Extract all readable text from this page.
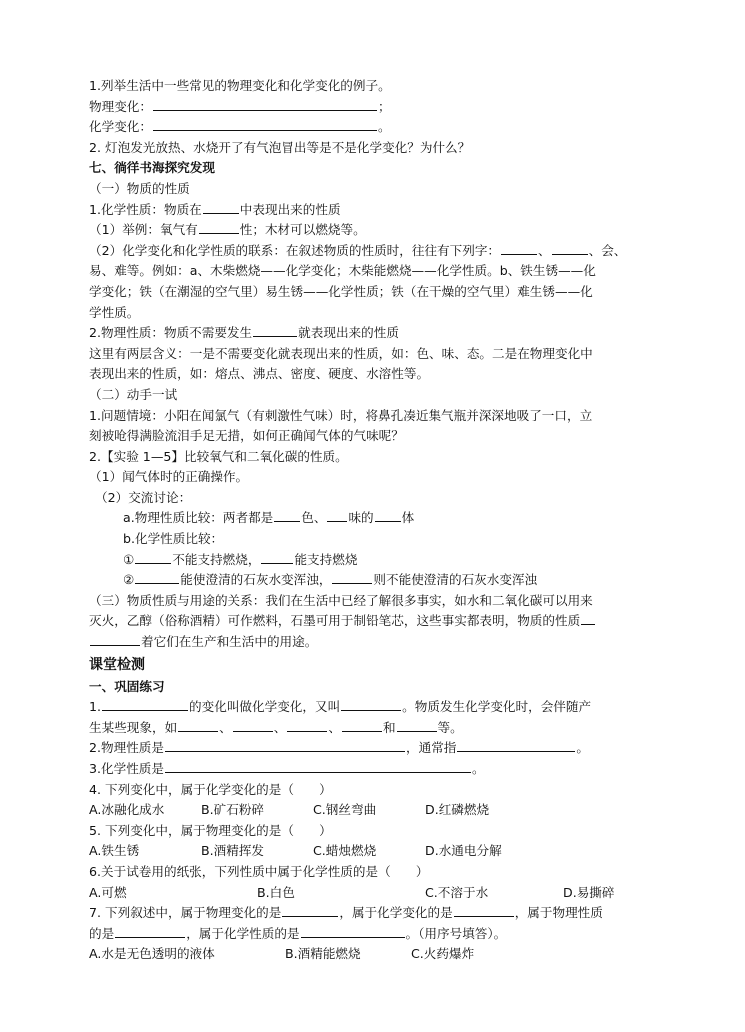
1.列举生活中一些常见的物理变化和化学变化的例子。
物理变化：	；
化学变化：	。
2. 灯泡发光放热、水烧开了有气泡冒出等是不是化学变化？为什么？
七、徜徉书海探究发现
（一）物质的性质
1.化学性质：物质在	中表现出来的性质
（1）举例：氧气有	性；木材可以燃烧等。
（2）化学变化和化学性质的联系：在叙述物质的性质时，往往有下列字：	、	、会、
易、难等。例如：a、木柴燃烧——化学变化；木柴能燃烧——化学性质。b、铁生锈——化
学变化；铁（在潮湿的空气里）易生锈——化学性质；铁（在干燥的空气里）难生锈——化
学性质。
2.物理性质：物质不需要发生	就表现出来的性质
这里有两层含义：一是不需要变化就表现出来的性质，如：色、味、态。二是在物理变化中
表现出来的性质，如：熔点、沸点、密度、硬度、水溶性等。
（二）动手一试
1.问题情境：小阳在闻氯气（有刺激性气味）时，将鼻孔凑近集气瓶并深深地吸了一口，立
刻被呛得满脸流泪手足无措，如何正确闻气体的气味呢？
2.【实验 1—5】比较氧气和二氧化碳的性质。
（1）闻气体时的正确操作。
（2）交流讨论：
a.物理性质比较：两者都是 色、 味的 体
b.化学性质比较：
①	不能支持燃烧，	能支持燃烧
②	能使澄清的石灰水变浑浊，	则不能使澄清的石灰水变浑浊
（三）物质性质与用途的关系：我们在生活中已经了解很多事实，如水和二氧化碳可以用来
灭火，乙醇（俗称酒精）可作燃料，石墨可用于制铅笔芯，这些事实都表明，物质的性质
着它们在生产和生活中的用途。
课堂检测
一、巩固练习
1.	的变化叫做化学变化，又叫	。物质发生化学变化时，会伴随产
生某些现象，如	、	、	、	和	等。
2.物理性质是	，通常指	。
3.化学性质是	。
4. 下列变化中，属于化学变化的是（　　）
A.冰融化成水	B.矿石粉碎	C.钢丝弯曲	D.红磷燃烧
5. 下列变化中，属于物理变化的是（　　）
A.铁生锈	B.酒精挥发	C.蜡烛燃烧	D.水通电分解
6.关于试卷用的纸张，下列性质中属于化学性质的是（　　）
A.可燃	B.白色	C.不溶于水	D.易撕碎
7. 下列叙述中，属于物理变化的是	，属于化学变化的是	，属于物理性质
的是	，属于化学性质的是	。（用序号填答）。
A.水是无色透明的液体	B.酒精能燃烧	C.火药爆炸
